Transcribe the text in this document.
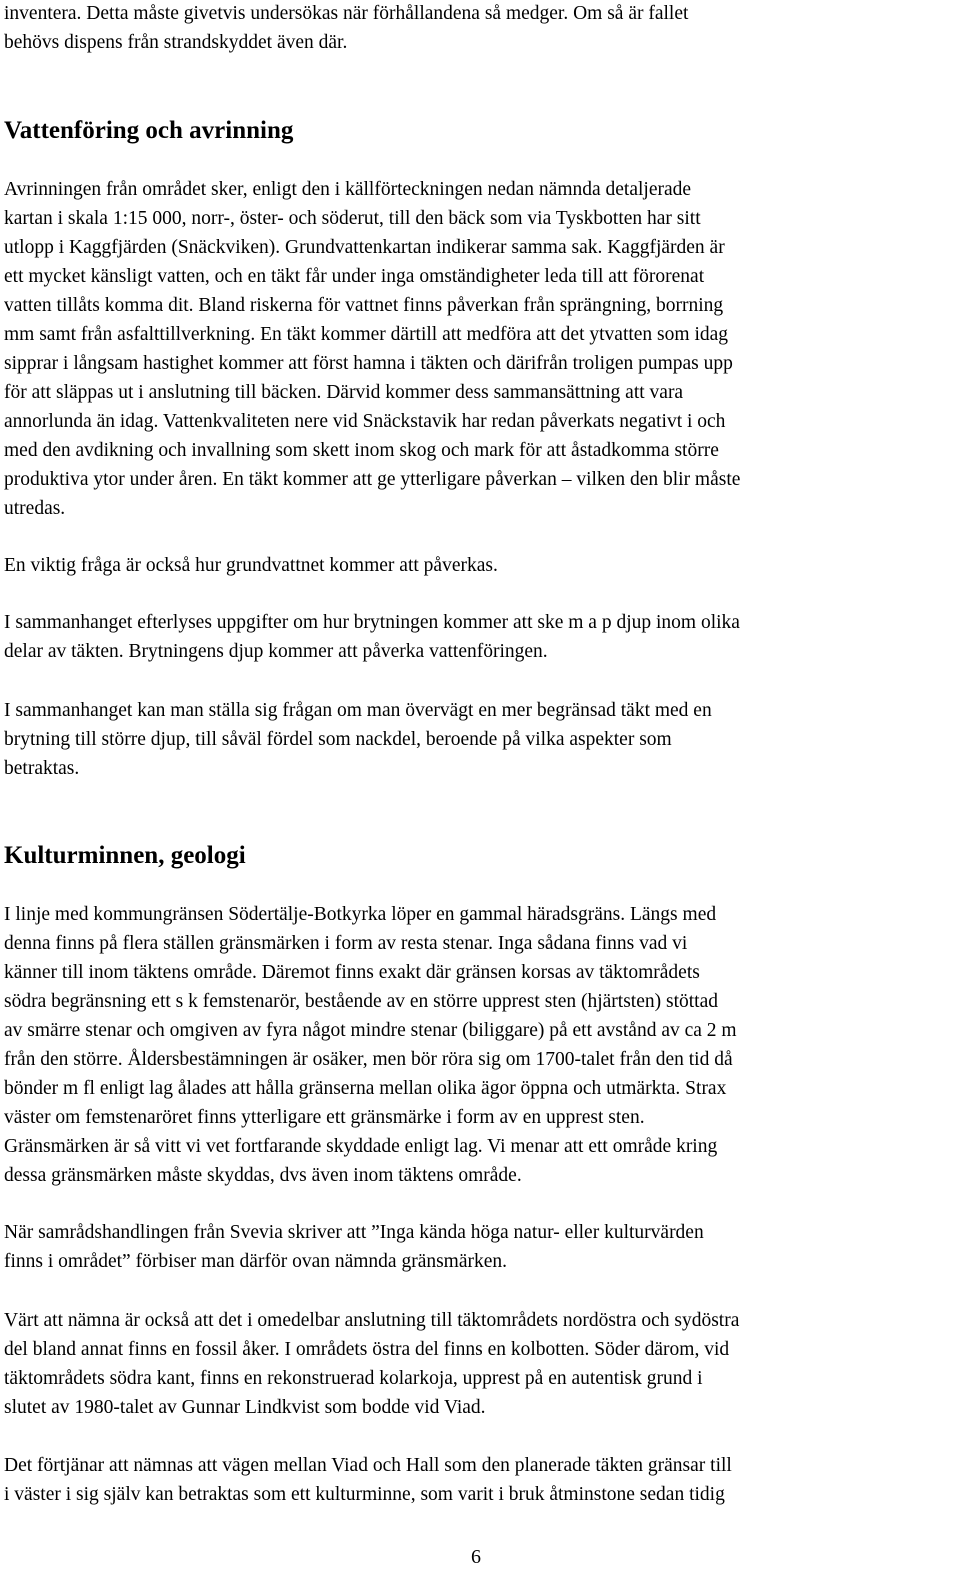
inventera. Detta måste givetvis undersökas när förhållandena så medger. Om så är fallet
behövs dispens från strandskyddet även där.
Vattenföring och avrinning
Avrinningen från området sker, enligt den i källförteckningen nedan nämnda detaljerade
kartan i skala 1:15 000, norr-, öster- och söderut, till den bäck som via Tyskbotten har sitt
utlopp i Kaggfjärden (Snäckviken). Grundvattenkartan indikerar samma sak. Kaggfjärden är
ett mycket känsligt vatten, och en täkt får under inga omständigheter leda till att förorenat
vatten tillåts komma dit. Bland riskerna för vattnet finns påverkan från sprängning, borrning
mm samt från asfalttillverkning. En täkt kommer därtill att medföra att det ytvatten som idag
sipprar i långsam hastighet kommer att först hamna i täkten och därifrån troligen pumpas upp
för att släppas ut i anslutning till bäcken. Därvid kommer dess sammansättning att vara
annorlunda än idag. Vattenkvaliteten nere vid Snäckstavik har redan påverkats negativt i och
med den avdikning och invallning som skett inom skog och mark för att åstadkomma större
produktiva ytor under åren. En täkt kommer att ge ytterligare påverkan – vilken den blir måste
utredas.
En viktig fråga är också hur grundvattnet kommer att påverkas.
I sammanhanget efterlyses uppgifter om hur brytningen kommer att ske m a p djup inom olika
delar av täkten. Brytningens djup kommer att påverka vattenföringen.
I sammanhanget kan man ställa sig frågan om man övervägt en mer begränsad täkt med en
brytning till större djup, till såväl fördel som nackdel, beroende på vilka aspekter som
betraktas.
Kulturminnen, geologi
I linje med kommungränsen Södertälje-Botkyrka löper en gammal häradsgräns. Längs med
denna finns på flera ställen gränsmärken i form av resta stenar. Inga sådana finns vad vi
känner till inom täktens område. Däremot finns exakt där gränsen korsas av täktområdets
södra begränsning ett s k femstenarör, bestående av en större upprest sten (hjärtsten) stöttad
av smärre stenar och omgiven av fyra något mindre stenar (biliggare) på ett avstånd av ca 2 m
från den större. Åldersbestämningen är osäker, men bör röra sig om 1700-talet från den tid då
bönder m fl enligt lag ålades att hålla gränserna mellan olika ägor öppna och utmärkta. Strax
väster om femstenaröret finns ytterligare ett gränsmärke i form av en upprest sten.
Gränsmärken är så vitt vi vet fortfarande skyddade enligt lag. Vi menar att ett område kring
dessa gränsmärken måste skyddas, dvs även inom täktens område.
När samrådshandlingen från Svevia skriver att ”Inga kända höga natur- eller kulturvärden
finns i området” förbiser man därför ovan nämnda gränsmärken.
Värt att nämna är också att det i omedelbar anslutning till täktområdets nordöstra och sydöstra
del bland annat finns en fossil åker. I områdets östra del finns en kolbotten. Söder därom, vid
täktområdets södra kant, finns en rekonstruerad kolarkoja, upprest på en autentisk grund i
slutet av 1980-talet av Gunnar Lindkvist som bodde vid Viad.
Det förtjänar att nämnas att vägen mellan Viad och Hall som den planerade täkten gränsar till
i väster i sig själv kan betraktas som ett kulturminne, som varit i bruk åtminstone sedan tidig
6
